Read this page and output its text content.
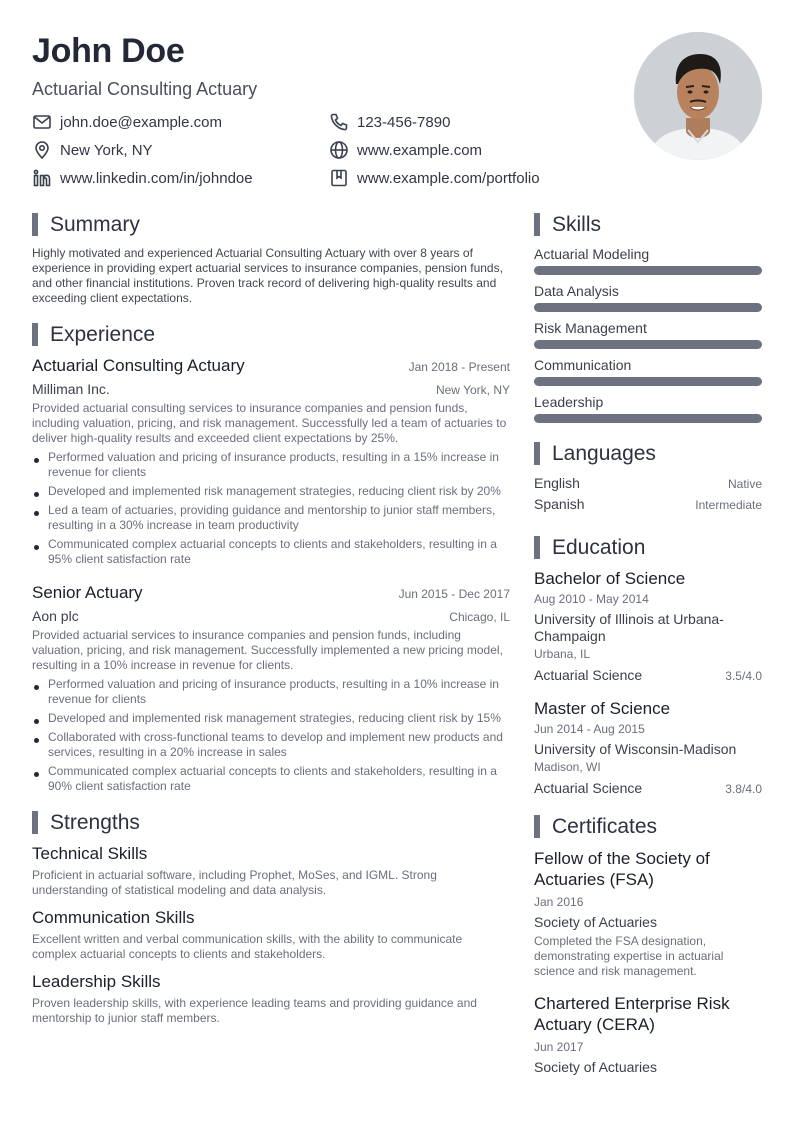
John Doe
Actuarial Consulting Actuary
john.doe@example.com	123-456-7890
New York, NY	www.example.com
www.linkedin.com/in/johndoe	www.example.com/portfolio
Summary

Highly motivated and experienced Actuarial Consulting Actuary with over 8 years of experience in providing expert actuarial services to insurance companies, pension funds, and other financial institutions. Proven track record of delivering high-quality results and exceeding client expectations.

Experience
Actuarial Consulting Actuary	Jan 2018 - Present
Milliman Inc.	New York, NY

Provided actuarial consulting services to insurance companies and pension funds, including valuation, pricing, and risk management. Successfully led a team of actuaries to deliver high-quality results and exceeded client expectations by 25%.

Performed valuation and pricing of insurance products, resulting in a 15% increase in revenue for clients
Developed and implemented risk management strategies, reducing client risk by 20%
Led a team of actuaries, providing guidance and mentorship to junior staff members, resulting in a 30% increase in team productivity
Communicated complex actuarial concepts to clients and stakeholders, resulting in a 95% client satisfaction rate
Senior Actuary	Jun 2015 - Dec 2017
Aon plc	Chicago, IL

Provided actuarial services to insurance companies and pension funds, including valuation, pricing, and risk management. Successfully implemented a new pricing model, resulting in a 10% increase in revenue for clients.

Performed valuation and pricing of insurance products, resulting in a 10% increase in revenue for clients
Developed and implemented risk management strategies, reducing client risk by 15%
Collaborated with cross-functional teams to develop and implement new products and services, resulting in a 20% increase in sales
Communicated complex actuarial concepts to clients and stakeholders, resulting in a 90% client satisfaction rate
Strengths
Technical Skills

Proficient in actuarial software, including Prophet, MoSes, and IGML. Strong understanding of statistical modeling and data analysis.

Communication Skills

Excellent written and verbal communication skills, with the ability to communicate complex actuarial concepts to clients and stakeholders.

Leadership Skills

Proven leadership skills, with experience leading teams and providing guidance and mentorship to junior staff members.

Skills
Actuarial Modeling
Data Analysis
Risk Management
Communication
Leadership
Languages
English	Native
Spanish	Intermediate
Education
Bachelor of Science
Aug 2010 - May 2014
University of Illinois at Urbana-Champaign
Urbana, IL
Actuarial Science	3.5/4.0
Master of Science
Jun 2014 - Aug 2015
University of Wisconsin-Madison
Madison, WI
Actuarial Science	3.8/4.0
Certificates
Fellow of the Society of Actuaries (FSA)
Jan 2016
Society of Actuaries

Completed the FSA designation, demonstrating expertise in actuarial science and risk management.

Chartered Enterprise Risk Actuary (CERA)
Jun 2017
Society of Actuaries
